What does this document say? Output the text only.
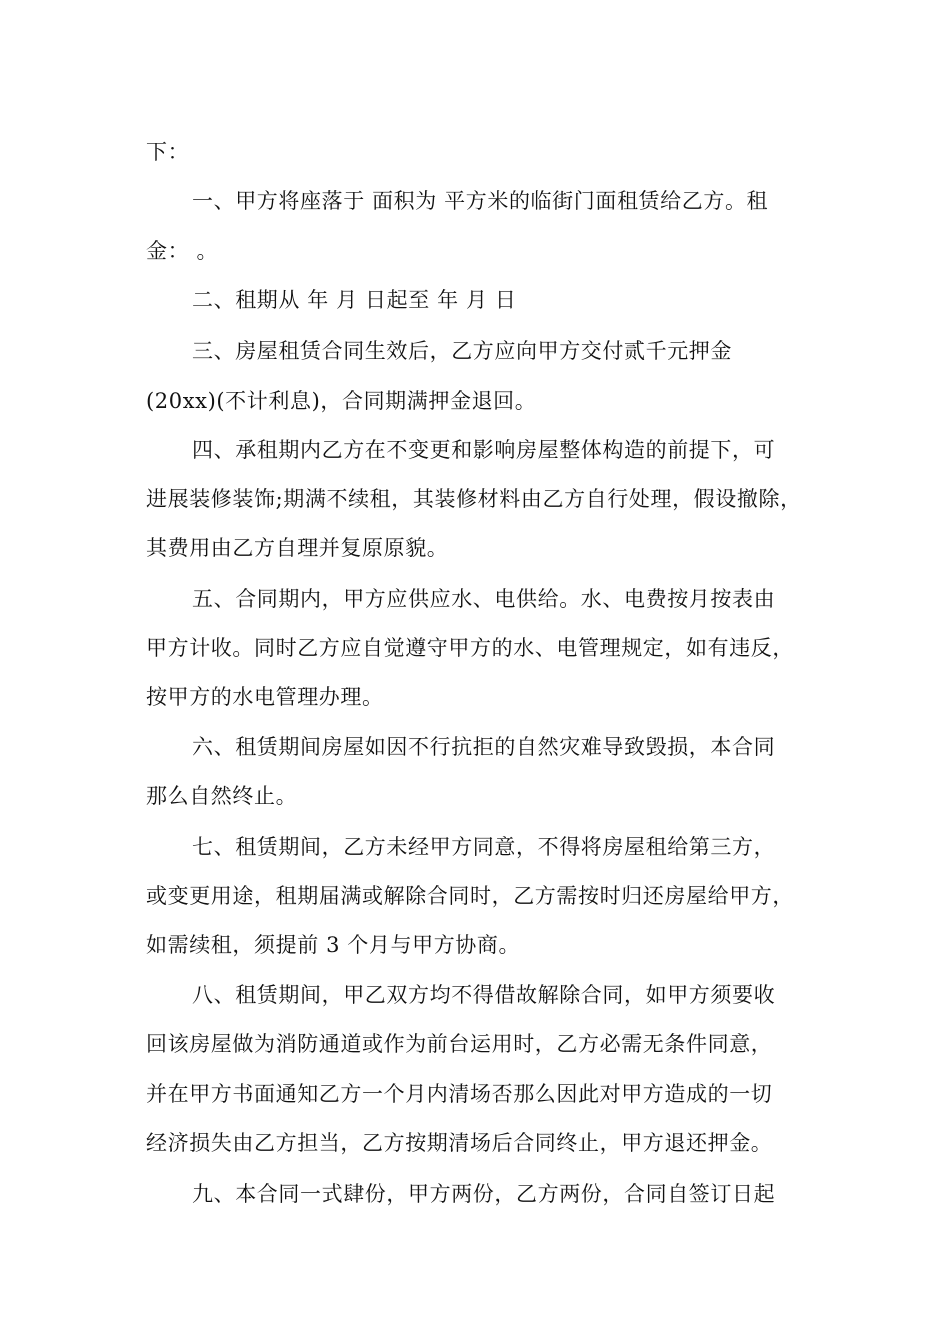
下：
一、甲方将座落于 面积为 平方米的临街门面租赁给乙方。租
金： 。
二、租期从 年 月 日起至 年 月 日
三、房屋租赁合同生效后，乙方应向甲方交付贰千元押金
(20xx)(不计利息)，合同期满押金退回。
四、承租期内乙方在不变更和影响房屋整体构造的前提下，可
进展装修装饰;期满不续租，其装修材料由乙方自行处理，假设撤除，
其费用由乙方自理并复原原貌。
五、合同期内，甲方应供应水、电供给。水、电费按月按表由
甲方计收。同时乙方应自觉遵守甲方的水、电管理规定，如有违反，
按甲方的水电管理办理。
六、租赁期间房屋如因不行抗拒的自然灾难导致毁损，本合同
那么自然终止。
七、租赁期间，乙方未经甲方同意，不得将房屋租给第三方，
或变更用途，租期届满或解除合同时，乙方需按时归还房屋给甲方，
如需续租，须提前 3 个月与甲方协商。
八、租赁期间，甲乙双方均不得借故解除合同，如甲方须要收
回该房屋做为消防通道或作为前台运用时，乙方必需无条件同意，
并在甲方书面通知乙方一个月内清场否那么因此对甲方造成的一切
经济损失由乙方担当，乙方按期清场后合同终止，甲方退还押金。
九、本合同一式肆份，甲方两份，乙方两份，合同自签订日起
